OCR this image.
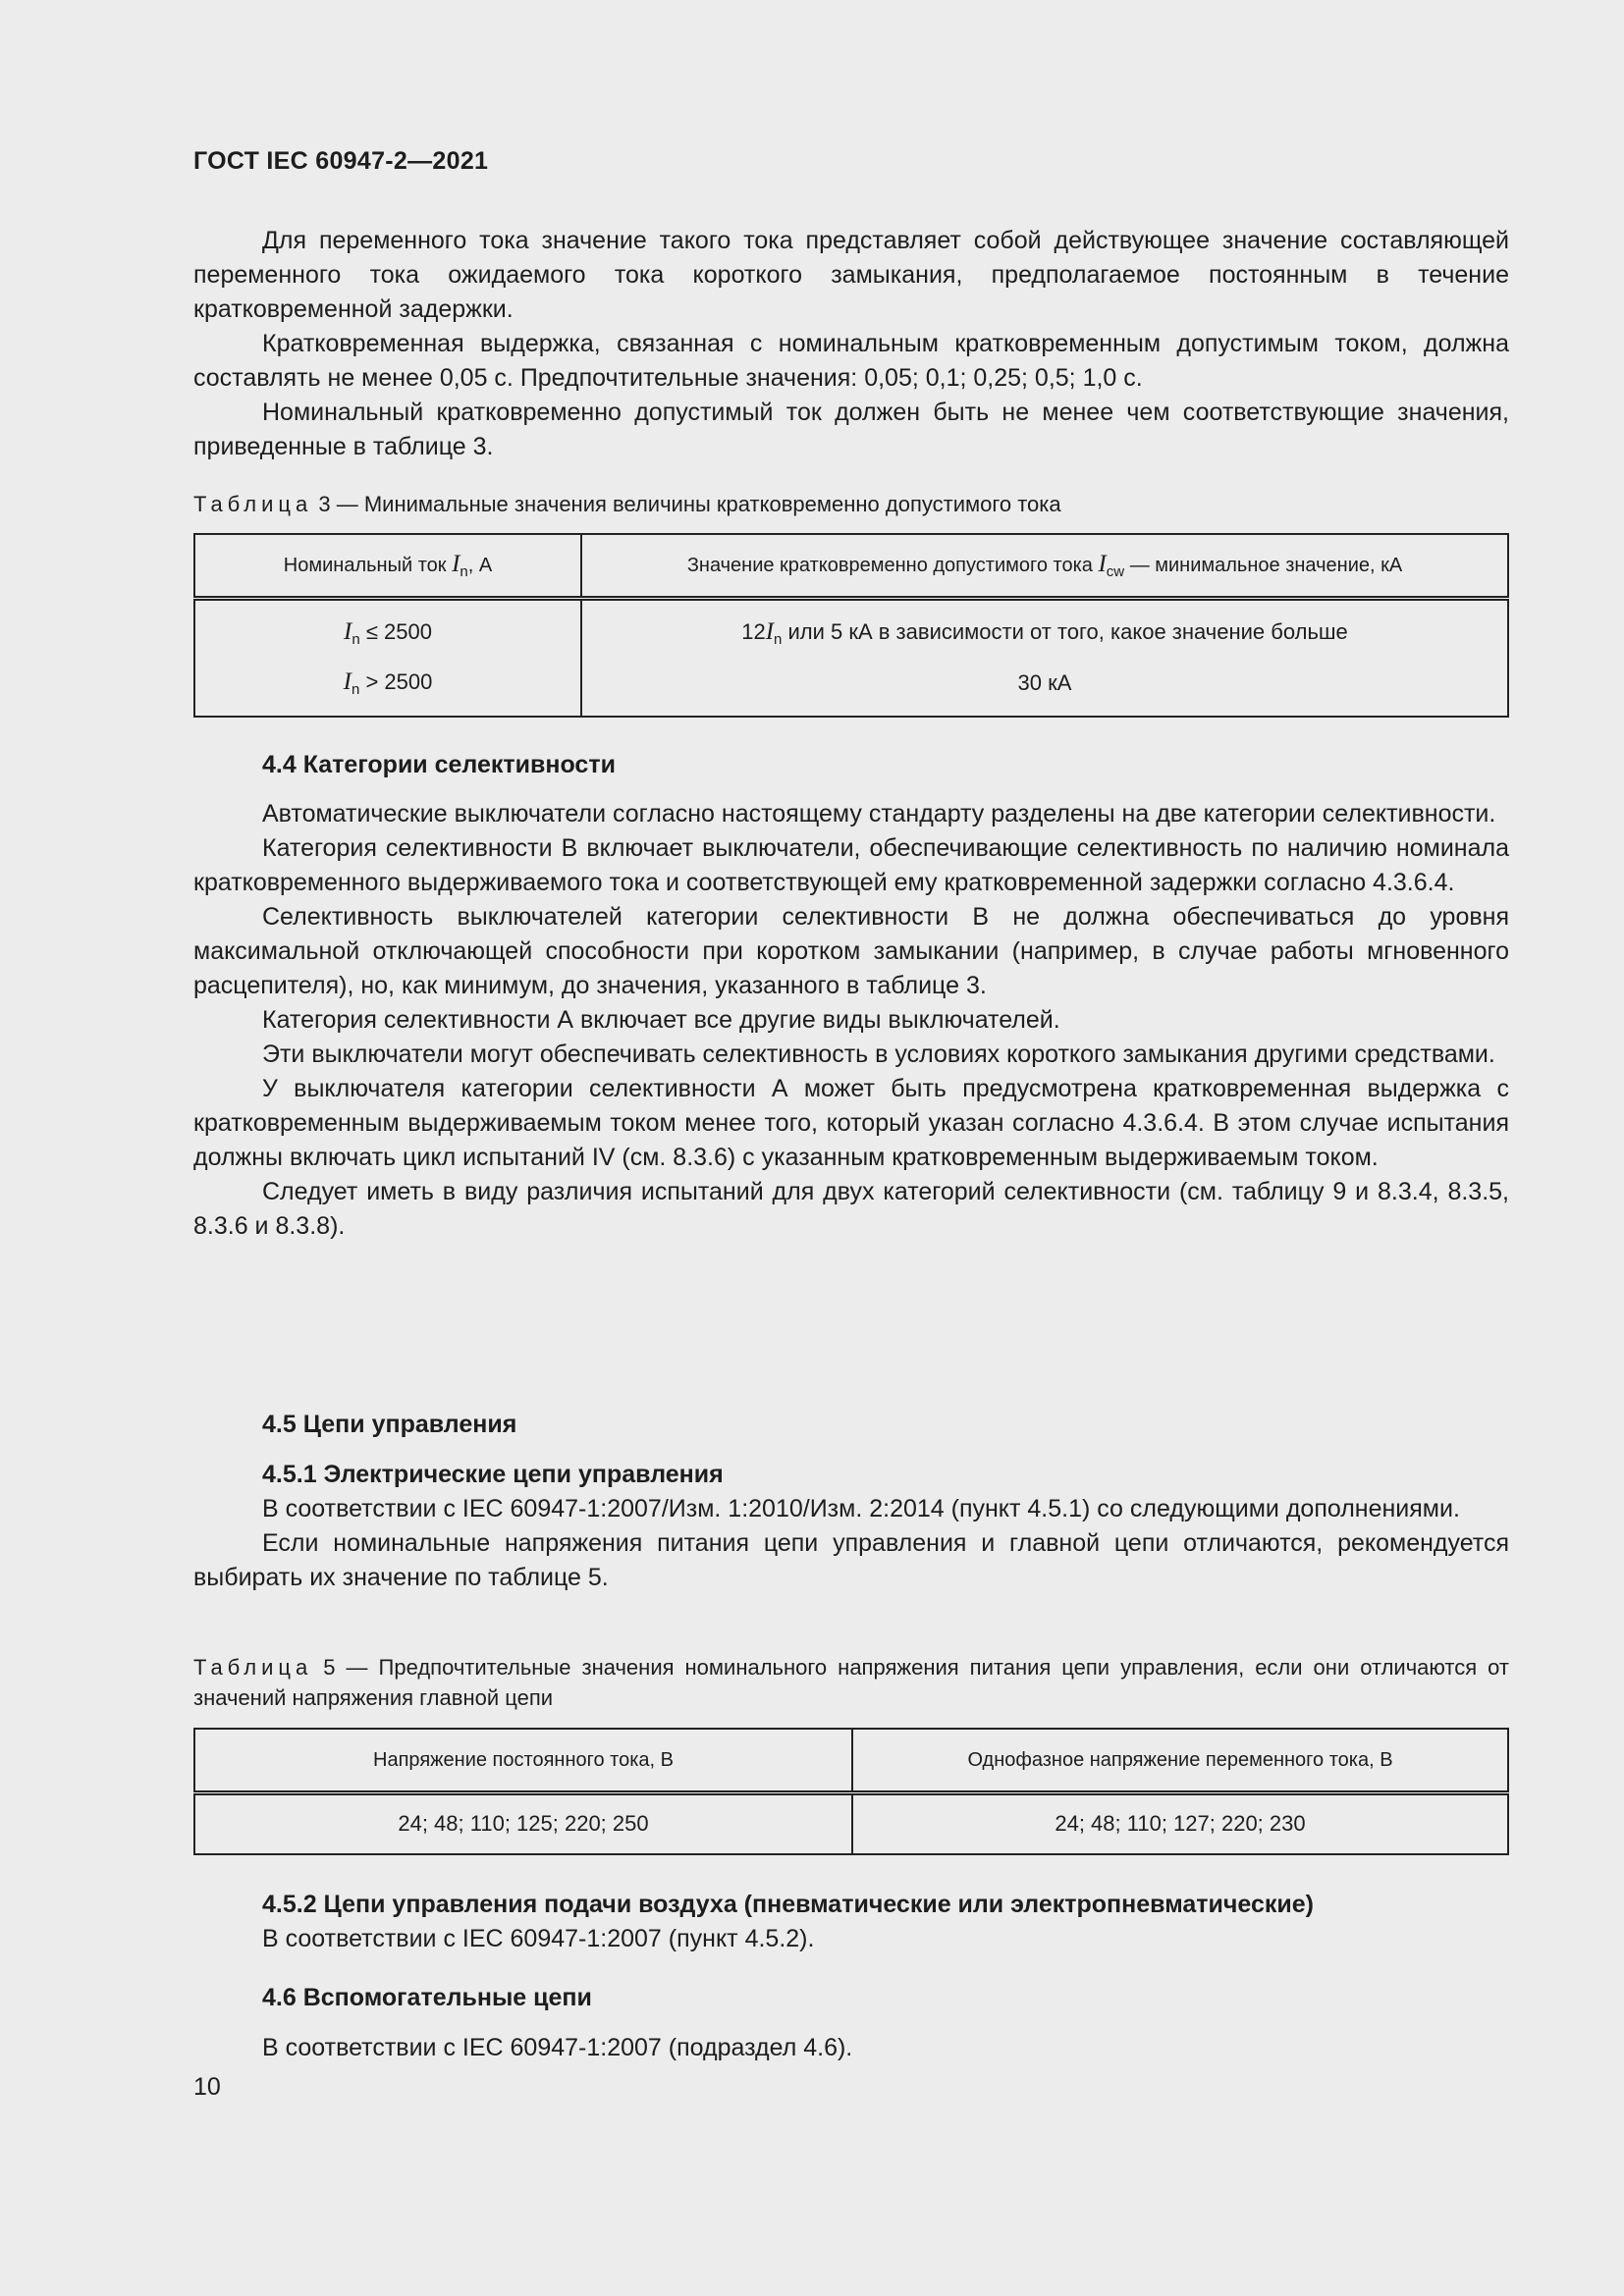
ГОСТ IEC 60947-2—2021

Для переменного тока значение такого тока представляет собой действующее значение составляющей переменного тока ожидаемого тока короткого замыкания, предполагаемое постоянным в течение кратковременной задержки.

Кратковременная выдержка, связанная с номинальным кратковременным допустимым током, должна составлять не менее 0,05 с. Предпочтительные значения: 0,05; 0,1; 0,25; 0,5; 1,0 с.

Номинальный кратковременно допустимый ток должен быть не менее чем соответствующие значения, приведенные в таблице 3.

Таблица 3 — Минимальные значения величины кратковременно допустимого тока
Номинальный ток $I_n$, А	Значение кратковременно допустимого тока $I_{cw}$ — минимальное значение, кА
$I_n \le 2500$	$12I_n$ или 5 кА в зависимости от того, какое значение больше
$I_n > 2500$	30 кА
4.4 Категории селективности

Автоматические выключатели согласно настоящему стандарту разделены на две категории селективности.

Категория селективности В включает выключатели, обеспечивающие селективность по наличию номинала кратковременного выдерживаемого тока и соответствующей ему кратковременной задержки согласно 4.3.6.4.

Селективность выключателей категории селективности В не должна обеспечиваться до уровня максимальной отключающей способности при коротком замыкании (например, в случае работы мгновенного расцепителя), но, как минимум, до значения, указанного в таблице 3.

Категория селективности А включает все другие виды выключателей.

Эти выключатели могут обеспечивать селективность в условиях короткого замыкания другими средствами.

У выключателя категории селективности А может быть предусмотрена кратковременная выдержка с кратковременным выдерживаемым током менее того, который указан согласно 4.3.6.4. В этом случае испытания должны включать цикл испытаний IV (см. 8.3.6) с указанным кратковременным выдерживаемым током.

Следует иметь в виду различия испытаний для двух категорий селективности (см. таблицу 9 и 8.3.4, 8.3.5, 8.3.6 и 8.3.8).

4.5 Цепи управления
4.5.1 Электрические цепи управления

В соответствии с IEC 60947-1:2007/Изм. 1:2010/Изм. 2:2014 (пункт 4.5.1) со следующими дополнениями.

Если номинальные напряжения питания цепи управления и главной цепи отличаются, рекомендуется выбирать их значение по таблице 5.

Таблица 5 — Предпочтительные значения номинального напряжения питания цепи управления, если они отличаются от значений напряжения главной цепи
Напряжение постоянного тока, В	Однофазное напряжение переменного тока, В
24; 48; 110; 125; 220; 250	24; 48; 110; 127; 220; 230
4.5.2 Цепи управления подачи воздуха (пневматические или электропневматические)

В соответствии с IEC 60947-1:2007 (пункт 4.5.2).

4.6 Вспомогательные цепи

В соответствии с IEC 60947-1:2007 (подраздел 4.6).

10
